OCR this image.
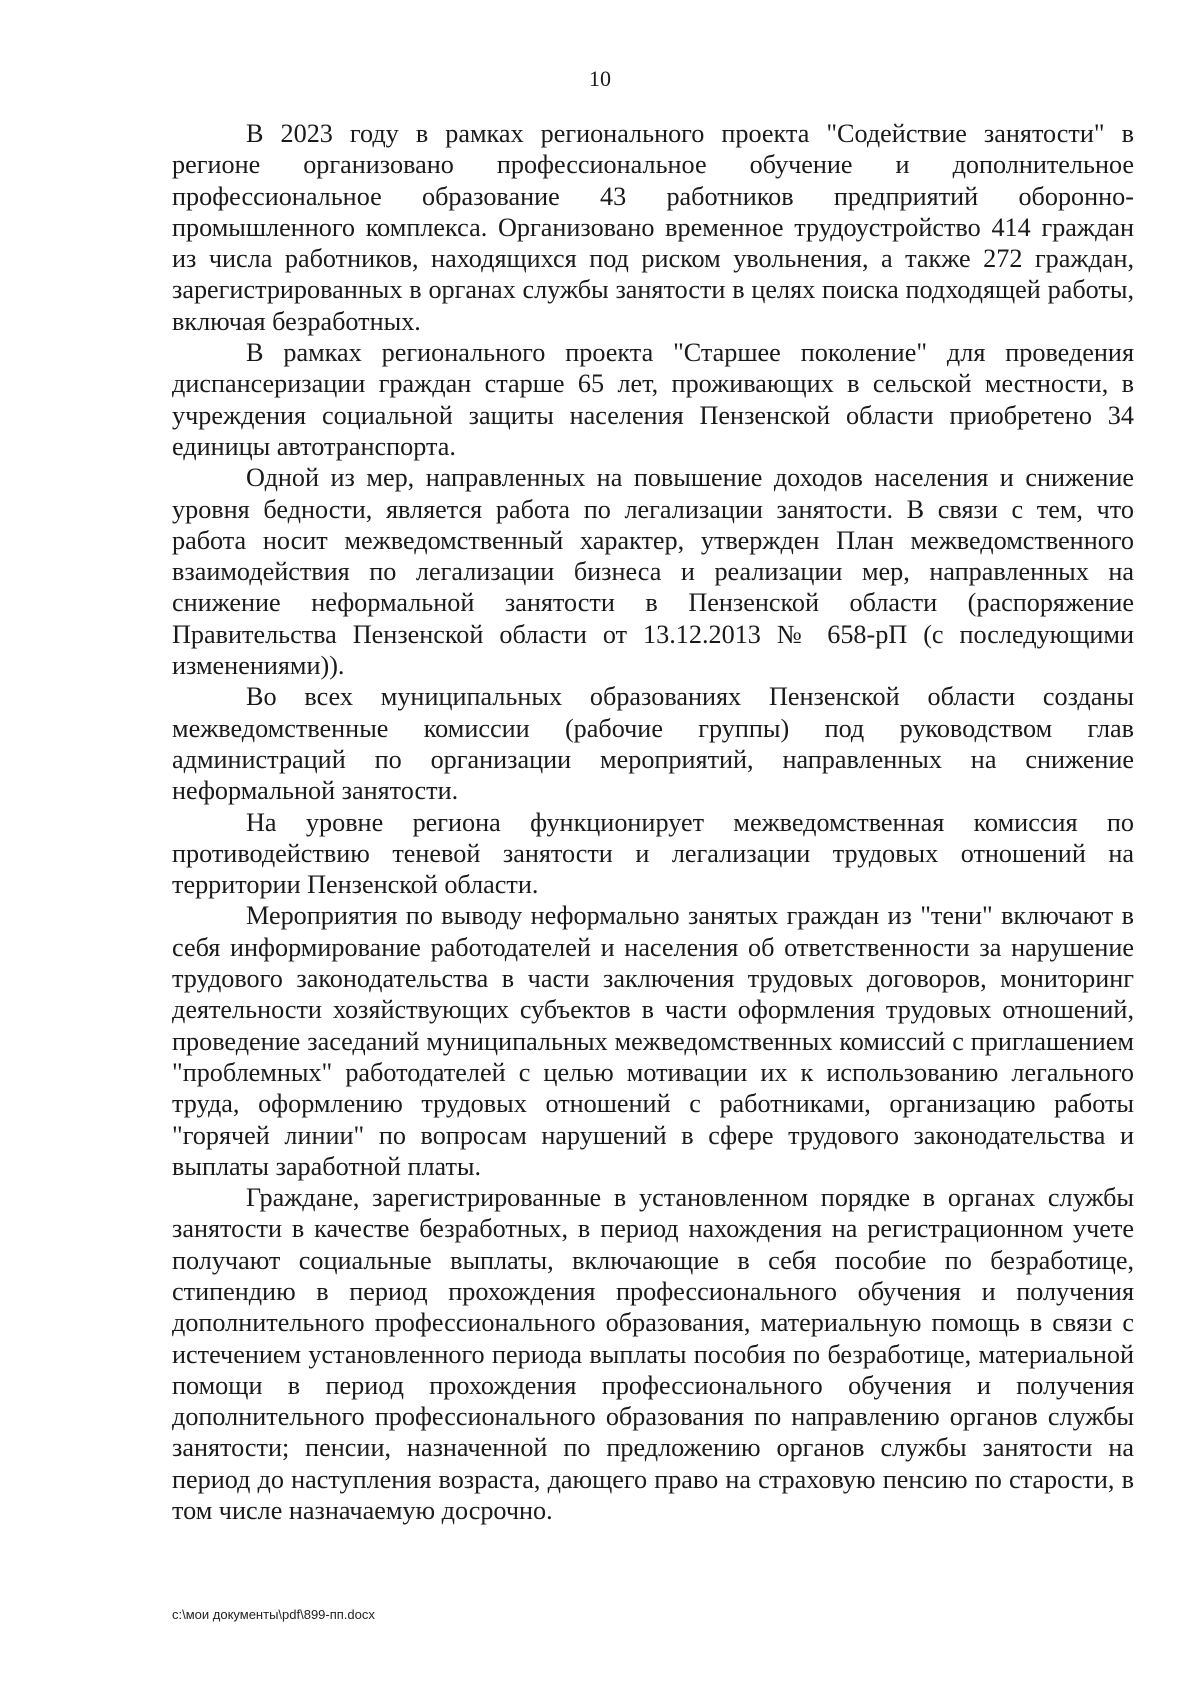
10

В 2023 году в рамках регионального проекта "Содействие занятости" в регионе организовано профессиональное обучение и дополнительное профессиональное образование 43 работников предприятий оборонно-промышленного комплекса. Организовано временное трудоустройство 414 граждан из числа работников, находящихся под риском увольнения, а также 272 граждан, зарегистрированных в органах службы занятости в целях поиска подходящей работы, включая безработных.

В рамках регионального проекта "Старшее поколение" для проведения диспансеризации граждан старше 65 лет, проживающих в сельской местности, в учреждения социальной защиты населения Пензенской области приобретено 34 единицы автотранспорта.

Одной из мер, направленных на повышение доходов населения и снижение уровня бедности, является работа по легализации занятости. В связи с тем, что работа носит межведомственный характер, утвержден План межведомственного взаимодействия по легализации бизнеса и реализации мер, направленных на снижение неформальной занятости в Пензенской области (распоряжение Правительства Пензенской области от 13.12.2013 № 658-рП (с последующими изменениями)).

Во всех муниципальных образованиях Пензенской области созданы межведомственные комиссии (рабочие группы) под руководством глав администраций по организации мероприятий, направленных на снижение неформальной занятости.

На уровне региона функционирует межведомственная комиссия по противодействию теневой занятости и легализации трудовых отношений на территории Пензенской области.

Мероприятия по выводу неформально занятых граждан из "тени" включают в себя информирование работодателей и населения об ответственности за нарушение трудового законодательства в части заключения трудовых договоров, мониторинг деятельности хозяйствующих субъектов в части оформления трудовых отношений, проведение заседаний муниципальных межведомственных комиссий с приглашением "проблемных" работодателей с целью мотивации их к использованию легального труда, оформлению трудовых отношений с работниками, организацию работы "горячей линии" по вопросам нарушений в сфере трудового законодательства и выплаты заработной платы.

Граждане, зарегистрированные в установленном порядке в органах службы занятости в качестве безработных, в период нахождения на регистрационном учете получают социальные выплаты, включающие в себя пособие по безработице, стипендию в период прохождения профессионального обучения и получения дополнительного профессионального образования, материальную помощь в связи с истечением установленного периода выплаты пособия по безработице, материальной помощи в период прохождения профессионального обучения и получения дополнительного профессионального образования по направлению органов службы занятости; пенсии, назначенной по предложению органов службы занятости на период до наступления возраста, дающего право на страховую пенсию по старости, в том числе назначаемую досрочно.

c:\мои документы\pdf\899-пп.docx
